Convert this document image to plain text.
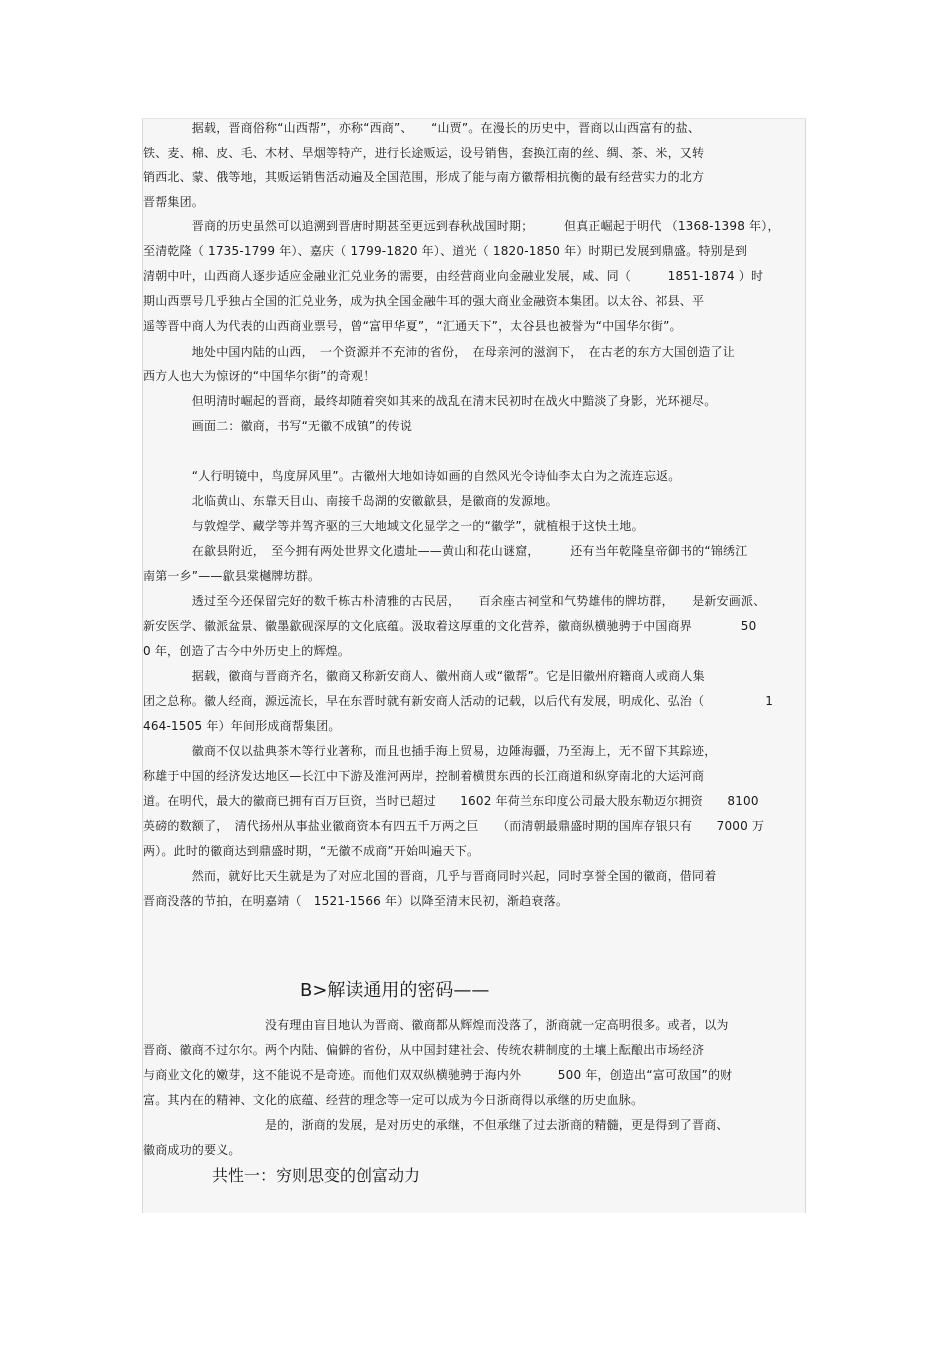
　　　　据载，晋商俗称“山西帮”，亦称“西商”、　　“山贾”。在漫长的历史中，晋商以山西富有的盐、
铁、麦、棉、皮、毛、木材、旱烟等特产，进行长途贩运，设号销售，套换江南的丝、绸、茶、米，又转
销西北、蒙、俄等地，其贩运销售活动遍及全国范围，形成了能与南方徽帮相抗衡的最有经营实力的北方
晋帮集团。
　　　　晋商的历史虽然可以追溯到晋唐时期甚至更远到春秋战国时期；　　　但真正崛起于明代 （1368-1398 年），
至清乾隆（ 1735-1799 年）、嘉庆（ 1799-1820 年）、道光（ 1820-1850 年）时期已发展到鼎盛。特别是到
清朝中叶，山西商人逐步适应金融业汇兑业务的需要，由经营商业向金融业发展，咸、同（　　　1851-1874 ）时
期山西票号几乎独占全国的汇兑业务，成为执全国金融牛耳的强大商业金融资本集团。以太谷、祁县、平
遥等晋中商人为代表的山西商业票号，曾“富甲华夏”，“汇通天下”，太谷县也被誉为“中国华尔街”。
　　　　地处中国内陆的山西，　一个资源并不充沛的省份，　在母亲河的滋润下，　在古老的东方大国创造了让
西方人也大为惊讶的“中国华尔街”的奇观！
　　　　但明清时崛起的晋商，最终却随着突如其来的战乱在清末民初时在战火中黯淡了身影，光环褪尽。
　　　　画面二：徽商，书写“无徽不成镇”的传说
　　　　“人行明镜中，鸟度屏风里”。古徽州大地如诗如画的自然风光令诗仙李太白为之流连忘返。
　　　　北临黄山、东靠天目山、南接千岛湖的安徽歙县，是徽商的发源地。
　　　　与敦煌学、藏学等并驾齐驱的三大地域文化显学之一的“徽学”，就植根于这快土地。
　　　　在歙县附近，　至今拥有两处世界文化遗址——黄山和花山谜窟，　　　还有当年乾隆皇帝御书的“锦绣江
南第一乡”——歙县棠樾牌坊群。
　　　　透过至今还保留完好的数千栋古朴清雅的古民居，　　百余座古祠堂和气势雄伟的牌坊群，　　是新安画派、
新安医学、徽派盆景、徽墨歙砚深厚的文化底蕴。汲取着这厚重的文化营养，徽商纵横驰骋于中国商界　　　　50
0 年，创造了古今中外历史上的辉煌。
　　　　据载，徽商与晋商齐名，徽商又称新安商人、徽州商人或“徽帮”。它是旧徽州府籍商人或商人集
团之总称。徽人经商，源远流长，早在东晋时就有新安商人活动的记载，以后代有发展，明成化、弘治（　　　　　1
464-1505 年）年间形成商帮集团。
　　　　徽商不仅以盐典茶木等行业著称，而且也插手海上贸易，边陲海疆，乃至海上，无不留下其踪迹，
称雄于中国的经济发达地区—长江中下游及淮河两岸，控制着横贯东西的长江商道和纵穿南北的大运河商
道。在明代，最大的徽商已拥有百万巨资，当时已超过　　1602 年荷兰东印度公司最大股东勒迈尔拥资　　8100
英磅的数额了，　清代扬州从事盐业徽商资本有四五千万两之巨　　（而清朝最鼎盛时期的国库存银只有　　7000 万
两）。此时的徽商达到鼎盛时期，“无徽不成商”开始叫遍天下。
　　　　然而，就好比天生就是为了对应北国的晋商，几乎与晋商同时兴起，同时享誉全国的徽商，借同着
晋商没落的节拍，在明嘉靖（　1521-1566 年）以降至清末民初，渐趋衰落。
B>解读通用的密码——
　　　　　　　　　　没有理由盲目地认为晋商、徽商都从辉煌而没落了，浙商就一定高明很多。或者，以为
晋商、徽商不过尔尔。两个内陆、偏僻的省份，从中国封建社会、传统农耕制度的土壤上酝酿出市场经济
与商业文化的嫩芽，这不能说不是奇迹。而他们双双纵横驰骋于海内外　　　500 年，创造出“富可敌国”的财
富。其内在的精神、文化的底蕴、经营的理念等一定可以成为今日浙商得以承继的历史血脉。
　　　　　　　　　　是的，浙商的发展，是对历史的承继，不但承继了过去浙商的精髓，更是得到了晋商、
徽商成功的要义。
共性一：穷则思变的创富动力
